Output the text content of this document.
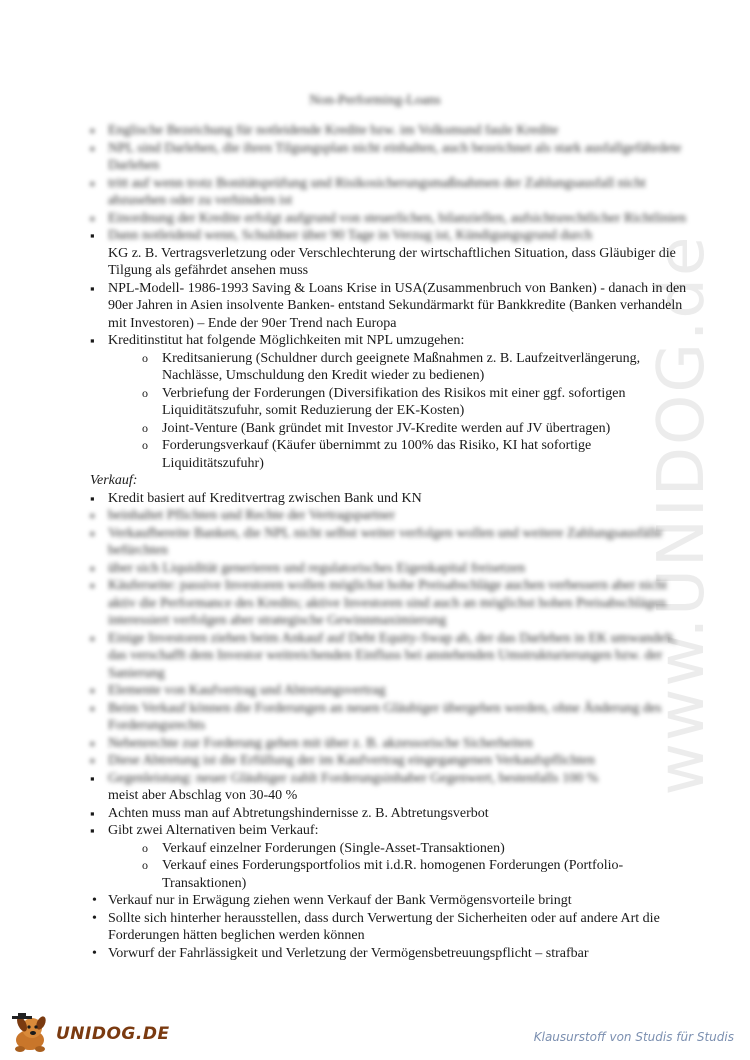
www.UNIDOG.de
Non-Performing-Loans
▪ Englische Bezeichung für notleidende Kredite bzw. im Volksmund faule Kredite
▪ NPL sind Darlehen, die ihren Tilgungsplan nicht einhalten, auch bezeichnet als stark ausfallgefährdete Darlehen
▪ tritt auf wenn trotz Bonitätsprüfung und Risikosicherungsmaßnahmen der Zahlungsausfall nicht abzusehen oder zu verhindern ist
▪ Einordnung der Kredite erfolgt aufgrund von steuerlichen, bilanziellen, aufsichtsrechtlicher Richtlinien
▪ Dann notleidend wenn, Schuldner über 90 Tage in Verzug ist, Kündigungsgrund durch
KG z. B. Vertragsverletzung oder Verschlechterung der wirtschaftlichen Situation, dass Gläubiger die Tilgung als gefährdet ansehen muss
▪ NPL-Modell- 1986-1993 Saving & Loans Krise in USA(Zusammenbruch von Banken) - danach in den 90er Jahren in Asien insolvente Banken- entstand Sekundärmarkt für Bankkredite (Banken verhandeln mit Investoren) – Ende der 90er Trend nach Europa
▪ Kreditinstitut hat folgende Möglichkeiten mit NPL umzugehen:
o Kreditsanierung (Schuldner durch geeignete Maßnahmen z. B. Laufzeitverlängerung, Nachlässe, Umschuldung den Kredit wieder zu bedienen)
o Verbriefung der Forderungen (Diversifikation des Risikos mit einer ggf. sofortigen Liquiditätszufuhr, somit Reduzierung der EK-Kosten)
o Joint-Venture (Bank gründet mit Investor JV-Kredite werden auf JV übertragen)
o Forderungsverkauf (Käufer übernimmt zu 100% das Risiko, KI hat sofortige Liquiditätszufuhr)
Verkauf:
▪ Kredit basiert auf Kreditvertrag zwischen Bank und KN
▪ beinhaltet Pflichten und Rechte der Vertragspartner
▪ Verkaufbereite Banken, die NPL nicht selbst weiter verfolgen wollen und weitere Zahlungsausfälle befürchten
▪ über sich Liquidität generieren und regulatorisches Eigenkapital freisetzen
▪ Käuferseite: passive Investoren wollen möglichst hohe Preisabschläge auchen verbessern aber nicht aktiv die Performance des Kredits; aktive Investoren sind auch an möglichst hohen Preisabschlägen interessiert verfolgen aber strategische Gewinnmaximierung
▪ Einige Investoren ziehen beim Ankauf auf Debt Equity-Swap ab, der das Darlehen in EK umwandelt, das verschafft dem Investor weitreichenden Einfluss bei anstehenden Umstrukturierungen bzw. der Sanierung
▪ Elemente von Kaufvertrag und Abtretungsvertrag
▪ Beim Verkauf können die Forderungen an neuen Gläubiger übergehen werden, ohne Änderung des Forderungsrechts
▪ Nebenrechte zur Forderung gehen mit über z. B. akzessorische Sicherheiten
▪ Diese Abtretung ist die Erfüllung der im Kaufvertrag eingegangenen Verkaufspflichten
▪ Gegenleistung: neuer Gläubiger zahlt Forderungsinhaber Gegenwert, bestenfalls 100 %
meist aber Abschlag von 30-40 %
▪ Achten muss man auf Abtretungshindernisse z. B. Abtretungsverbot
▪ Gibt zwei Alternativen beim Verkauf:
o Verkauf einzelner Forderungen (Single-Asset-Transaktionen)
o Verkauf eines Forderungsportfolios mit i.d.R. homogenen Forderungen (Portfolio-Transaktionen)
• Verkauf nur in Erwägung ziehen wenn Verkauf der Bank Vermögensvorteile bringt
• Sollte sich hinterher herausstellen, dass durch Verwertung der Sicherheiten oder auf andere Art die Forderungen hätten beglichen werden können
• Vorwurf der Fahrlässigkeit und Verletzung der Vermögensbetreuungspflicht – strafbar
UNIDOG.DE	Klausurstoff von Studis für Studis
